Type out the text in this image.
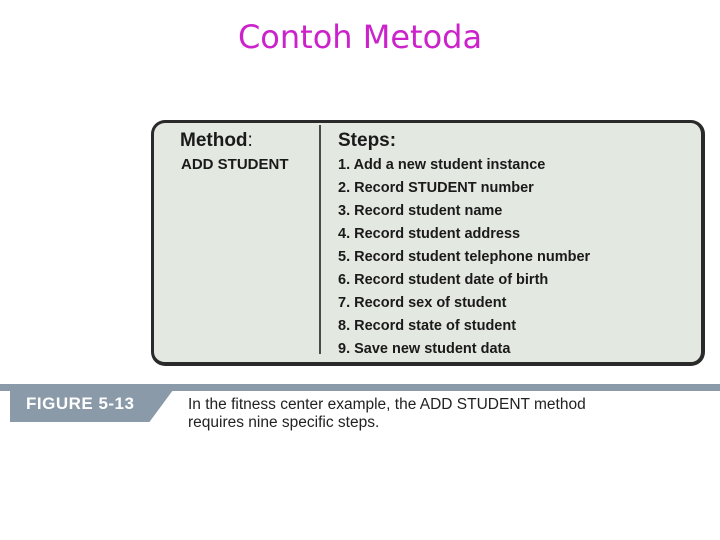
Contoh Metoda
Method:
ADD STUDENT
Steps:
1. Add a new student instance
2. Record STUDENT number
3. Record student name
4. Record student address
5. Record student telephone number
6. Record student date of birth
7. Record sex of student
8. Record state of student
9. Save new student data
FIGURE 5-13	In the fitness center example, the ADD STUDENT method requires nine specific steps.
